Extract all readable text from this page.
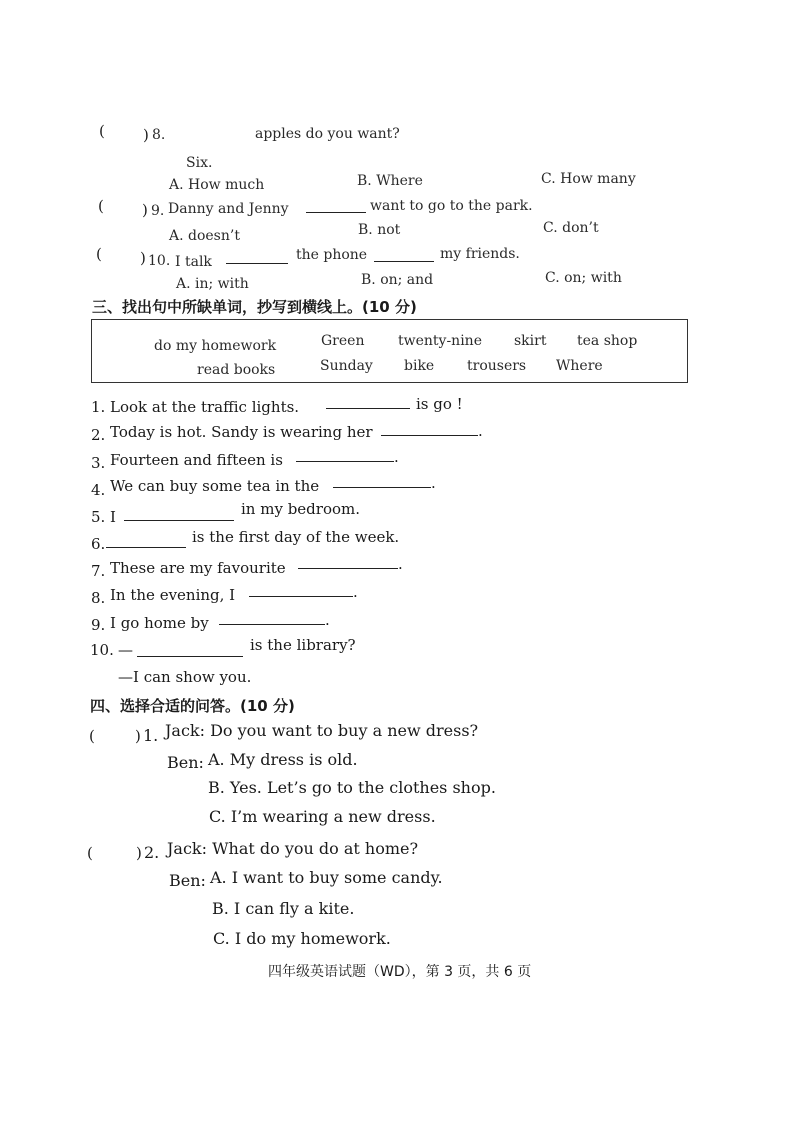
(	) 8.	apples do you want?
Six.
A. How much	B. Where	C. How many
(	) 9. Danny and Jenny	want to go to the park.
A. doesn’t	B. not	C. don’t
(	) 10. I talk	the phone	my friends.
A. in; with	B. on; and	C. on; with
三、找出句中所缺单词，抄写到横线上。(10 分)
do my homework	Green twenty-nine skirt tea shop
read books	Sunday bike trousers Where
1. Look at the traffic lights.	is go !
2. Today is hot. Sandy is wearing her	.
3. Fourteen and fifteen is	.
4. We can buy some tea in the	.
5. I	in my bedroom.
6.	is the first day of the week.
7. These are my favourite	.
8. In the evening, I	.
9. I go home by	.
10. —	is the library?
—I can show you.
四、选择合适的问答。(10 分)
(	) 1. Jack: Do you want to buy a new dress?
Ben: A. My dress is old.
B. Yes. Let’s go to the clothes shop.
C. I’m wearing a new dress.
(	) 2. Jack: What do you do at home?
Ben: A. I want to buy some candy.
B. I can fly a kite.
C. I do my homework.
四年级英语试题（WD），第 3 页，共 6 页
